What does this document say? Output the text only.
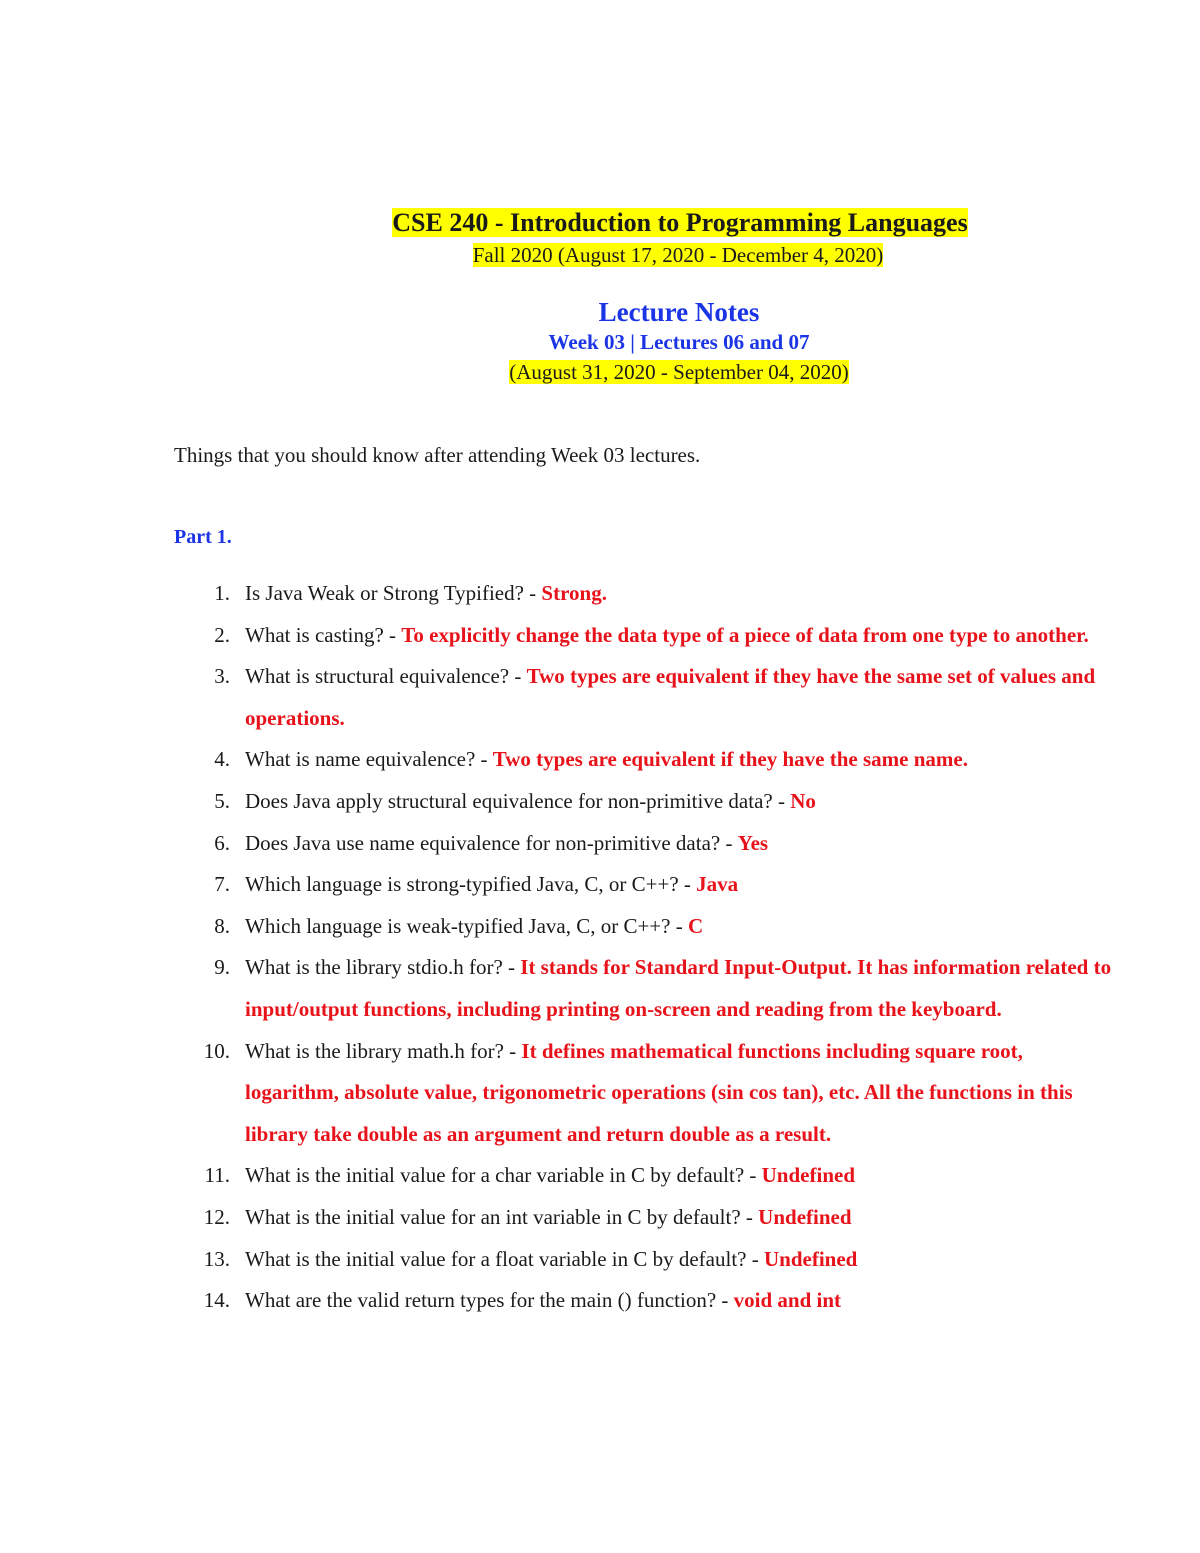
CSE 240 - Introduction to Programming Languages

Fall 2020 (August 17, 2020 - December 4, 2020)

Lecture Notes

Week 03 | Lectures 06 and 07

(August 31, 2020 - September 04, 2020)

Things that you should know after attending Week 03 lectures.

Part 1.

1. Is Java Weak or Strong Typified? - Strong.
2. What is casting? - To explicitly change the data type of a piece of data from one type to another.
3. What is structural equivalence? - Two types are equivalent if they have the same set of values and operations.
4. What is name equivalence? - Two types are equivalent if they have the same name.
5. Does Java apply structural equivalence for non-primitive data? - No
6. Does Java use name equivalence for non-primitive data? - Yes
7. Which language is strong-typified Java, C, or C++? - Java
8. Which language is weak-typified Java, C, or C++? - C
9. What is the library stdio.h for? - It stands for Standard Input-Output. It has information related to input/output functions, including printing on-screen and reading from the keyboard.
10. What is the library math.h for? - It defines mathematical functions including square root, logarithm, absolute value, trigonometric operations (sin cos tan), etc. All the functions in this library take double as an argument and return double as a result.
11. What is the initial value for a char variable in C by default? - Undefined
12. What is the initial value for an int variable in C by default? - Undefined
13. What is the initial value for a float variable in C by default? - Undefined
14. What are the valid return types for the main () function? - void and int
